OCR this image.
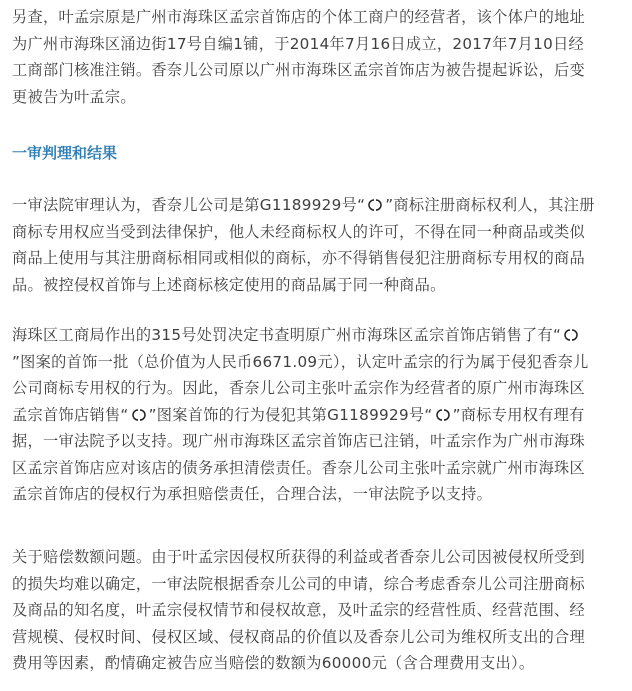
另查，叶孟宗原是广州市海珠区孟宗首饰店的个体工商户的经营者，该个体户的地址
为广州市海珠区涌边街17号自编1铺，于2014年7月16日成立，2017年7月10日经
工商部门核准注销。香奈儿公司原以广州市海珠区孟宗首饰店为被告提起诉讼，后变
更被告为叶孟宗。
一审判理和结果
一审法院审理认为，香奈儿公司是第G1189929号“ ”商标注册商标权利人，其注册
商标专用权应当受到法律保护，他人未经商标权人的许可，不得在同一种商品或类似
商品上使用与其注册商标相同或相似的商标，亦不得销售侵犯注册商标专用权的商品
品。被控侵权首饰与上述商标核定使用的商品属于同一种商品。
海珠区工商局作出的315号处罚决定书查明原广州市海珠区孟宗首饰店销售了有“
”图案的首饰一批（总价值为人民币6671.09元），认定叶孟宗的行为属于侵犯香奈儿
公司商标专用权的行为。因此，香奈儿公司主张叶孟宗作为经营者的原广州市海珠区
孟宗首饰店销售“ ”图案首饰的行为侵犯其第G1189929号“ ”商标专用权有理有
据，一审法院予以支持。现广州市海珠区孟宗首饰店已注销，叶孟宗作为广州市海珠
区孟宗首饰店应对该店的债务承担清偿责任。香奈儿公司主张叶孟宗就广州市海珠区
孟宗首饰店的侵权行为承担赔偿责任，合理合法，一审法院予以支持。
关于赔偿数额问题。由于叶孟宗因侵权所获得的利益或者香奈儿公司因被侵权所受到
的损失均难以确定，一审法院根据香奈儿公司的申请，综合考虑香奈儿公司注册商标
及商品的知名度，叶孟宗侵权情节和侵权故意，及叶孟宗的经营性质、经营范围、经
营规模、侵权时间、侵权区域、侵权商品的价值以及香奈儿公司为维权所支出的合理
费用等因素，酌情确定被告应当赔偿的数额为60000元（含合理费用支出）。
